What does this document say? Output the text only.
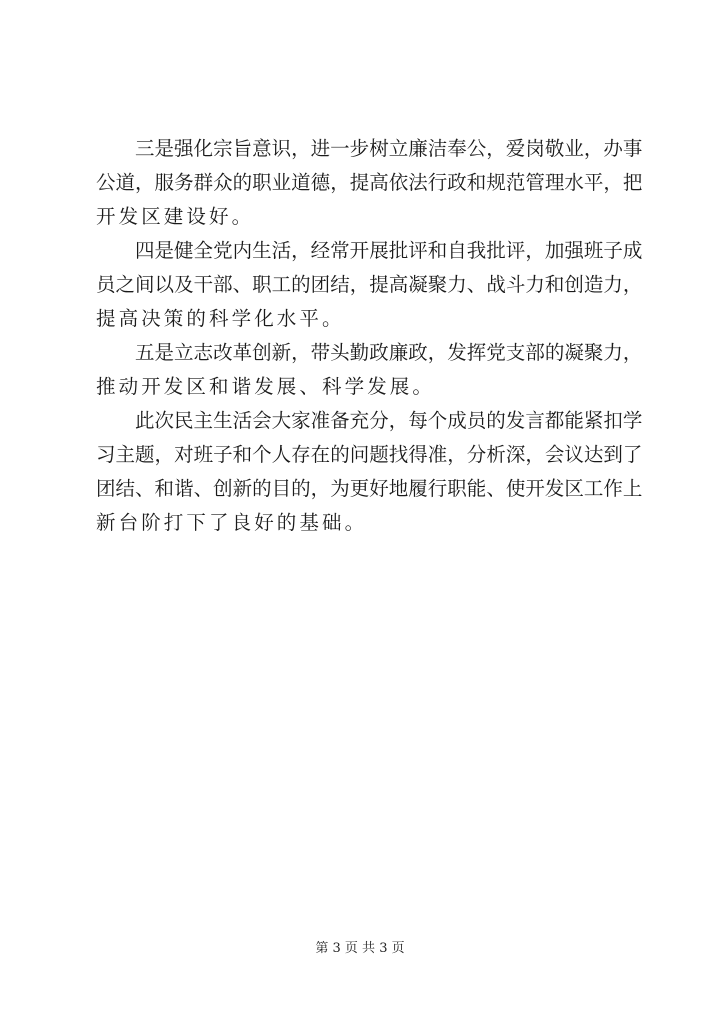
三 是 强 化 宗 旨 意 识 ， 进 一 步 树 立 廉 洁 奉 公 ， 爱 岗 敬 业 ， 办 事
公 道 ， 服 务 群 众 的 职 业 道 德 ， 提 高 依 法 行 政 和 规 范 管 理 水 平 ， 把
开发区建设好。
四 是 健 全 党 内 生 活 ， 经 常 开 展 批 评 和 自 我 批 评 ， 加 强 班 子 成
员 之 间 以 及 干 部 、 职 工 的 团 结 ， 提 高 凝 聚 力 、 战 斗 力 和 创 造 力 ，
提高决策的科学化水平。
五 是 立 志 改 革 创 新 ， 带 头 勤 政 廉 政 ， 发 挥 党 支 部 的 凝 聚 力 ，
推动开发区和谐发展、科学发展。
此 次 民 主 生 活 会 大 家 准 备 充 分 ， 每 个 成 员 的 发 言 都 能 紧 扣 学
习 主 题 ， 对 班 子 和 个 人 存 在 的 问 题 找 得 准 ， 分 析 深 ， 会 议 达 到 了
团 结 、 和 谐 、 创 新 的 目 的 ， 为 更 好 地 履 行 职 能 、 使 开 发 区 工 作 上
新台阶打下了良好的基础。
第 3 页 共 3 页
